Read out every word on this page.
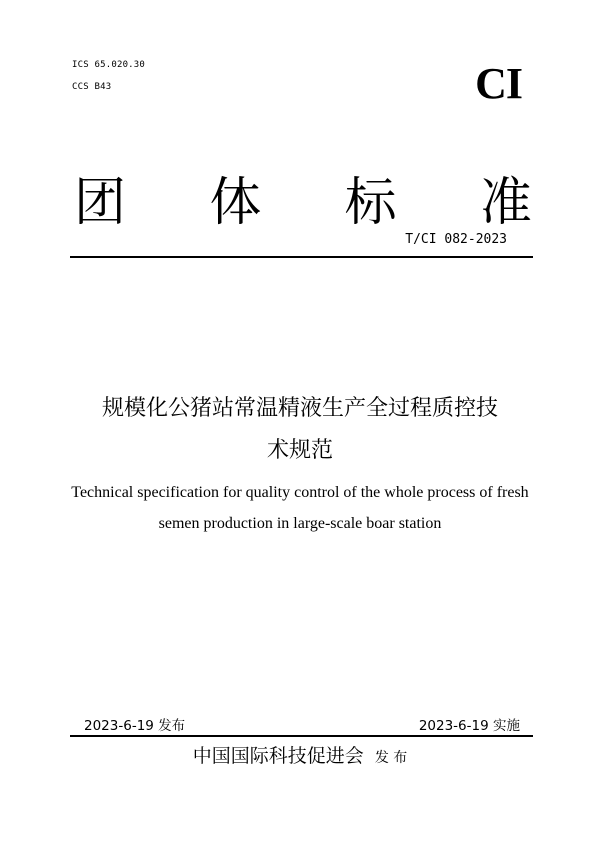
ICS 65.020.30
CCS B43	CI
团 体 标 准
T/CI 082-2023
规模化公猪站常温精液生产全过程质控技
术规范
Technical specification for quality control of the whole process of fresh
semen production in large-scale boar station
2023-6-19 发布	2023-6-19 实施
中国国际科技促进会 发 布
